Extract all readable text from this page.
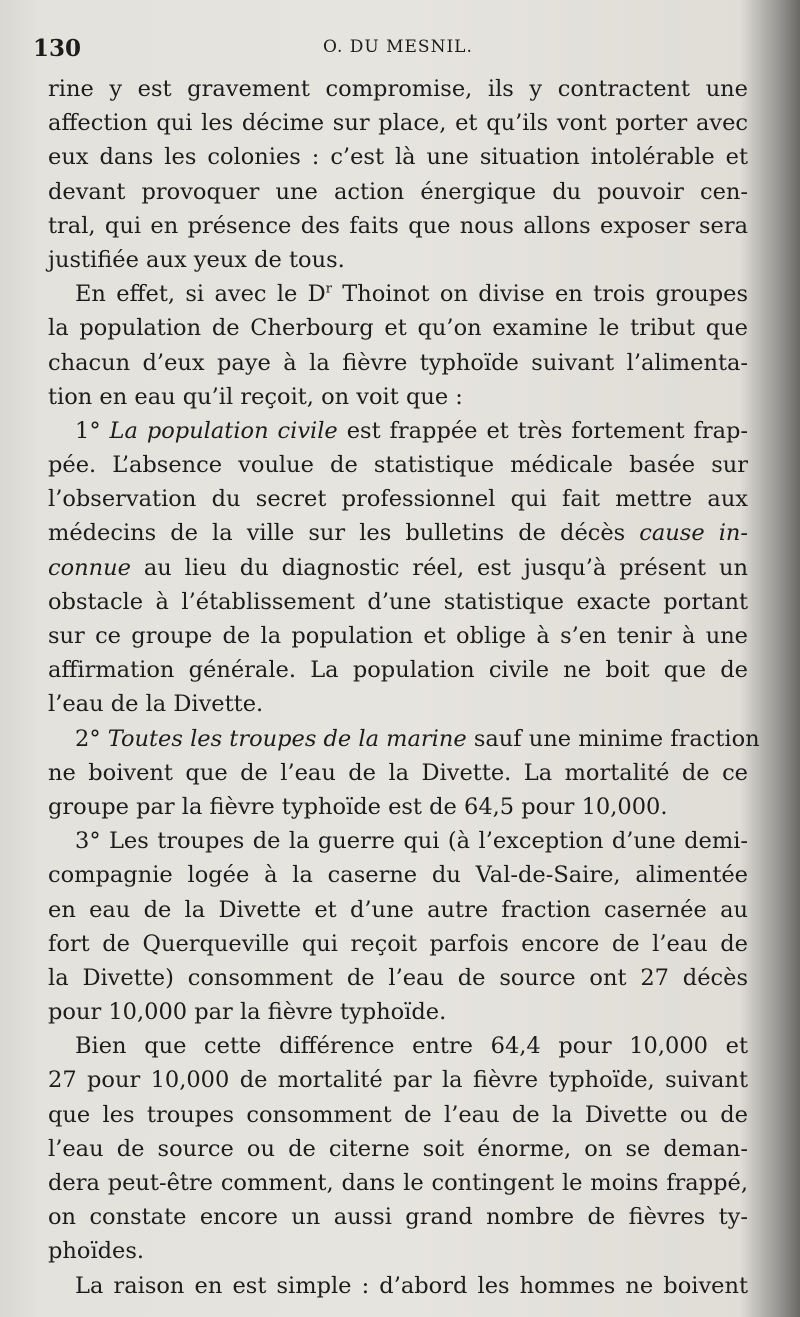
130	O. DU MESNIL.
rine y est gravement compromise, ils y contractent une
affection qui les décime sur place, et qu’ils vont porter avec
eux dans les colonies : c’est là une situation intolérable et
devant provoquer une action énergique du pouvoir cen-
tral, qui en présence des faits que nous allons exposer sera
justifiée aux yeux de tous.
En effet, si avec le $D^r$ Thoinot on divise en trois groupes
la population de Cherbourg et qu’on examine le tribut que
chacun d’eux paye à la fièvre typhoïde suivant l’alimenta-
tion en eau qu’il reçoit, on voit que :
1° La population civile est frappée et très fortement frap-
pée. L’absence voulue de statistique médicale basée sur
l’observation du secret professionnel qui fait mettre aux
médecins de la ville sur les bulletins de décès cause in-
connue au lieu du diagnostic réel, est jusqu’à présent un
obstacle à l’établissement d’une statistique exacte portant
sur ce groupe de la population et oblige à s’en tenir à une
affirmation générale. La population civile ne boit que de
l’eau de la Divette.
2° Toutes les troupes de la marine sauf une minime fraction
ne boivent que de l’eau de la Divette. La mortalité de ce
groupe par la fièvre typhoïde est de 64,5 pour 10,000.
3° Les troupes de la guerre qui (à l’exception d’une demi-
compagnie logée à la caserne du Val-de-Saire, alimentée
en eau de la Divette et d’une autre fraction casernée au
fort de Querqueville qui reçoit parfois encore de l’eau de
la Divette) consomment de l’eau de source ont 27 décès
pour 10,000 par la fièvre typhoïde.
Bien que cette différence entre 64,4 pour 10,000 et
27 pour 10,000 de mortalité par la fièvre typhoïde, suivant
que les troupes consomment de l’eau de la Divette ou de
l’eau de source ou de citerne soit énorme, on se deman-
dera peut-être comment, dans le contingent le moins frappé,
on constate encore un aussi grand nombre de fièvres ty-
phoïdes.
La raison en est simple : d’abord les hommes ne boivent
